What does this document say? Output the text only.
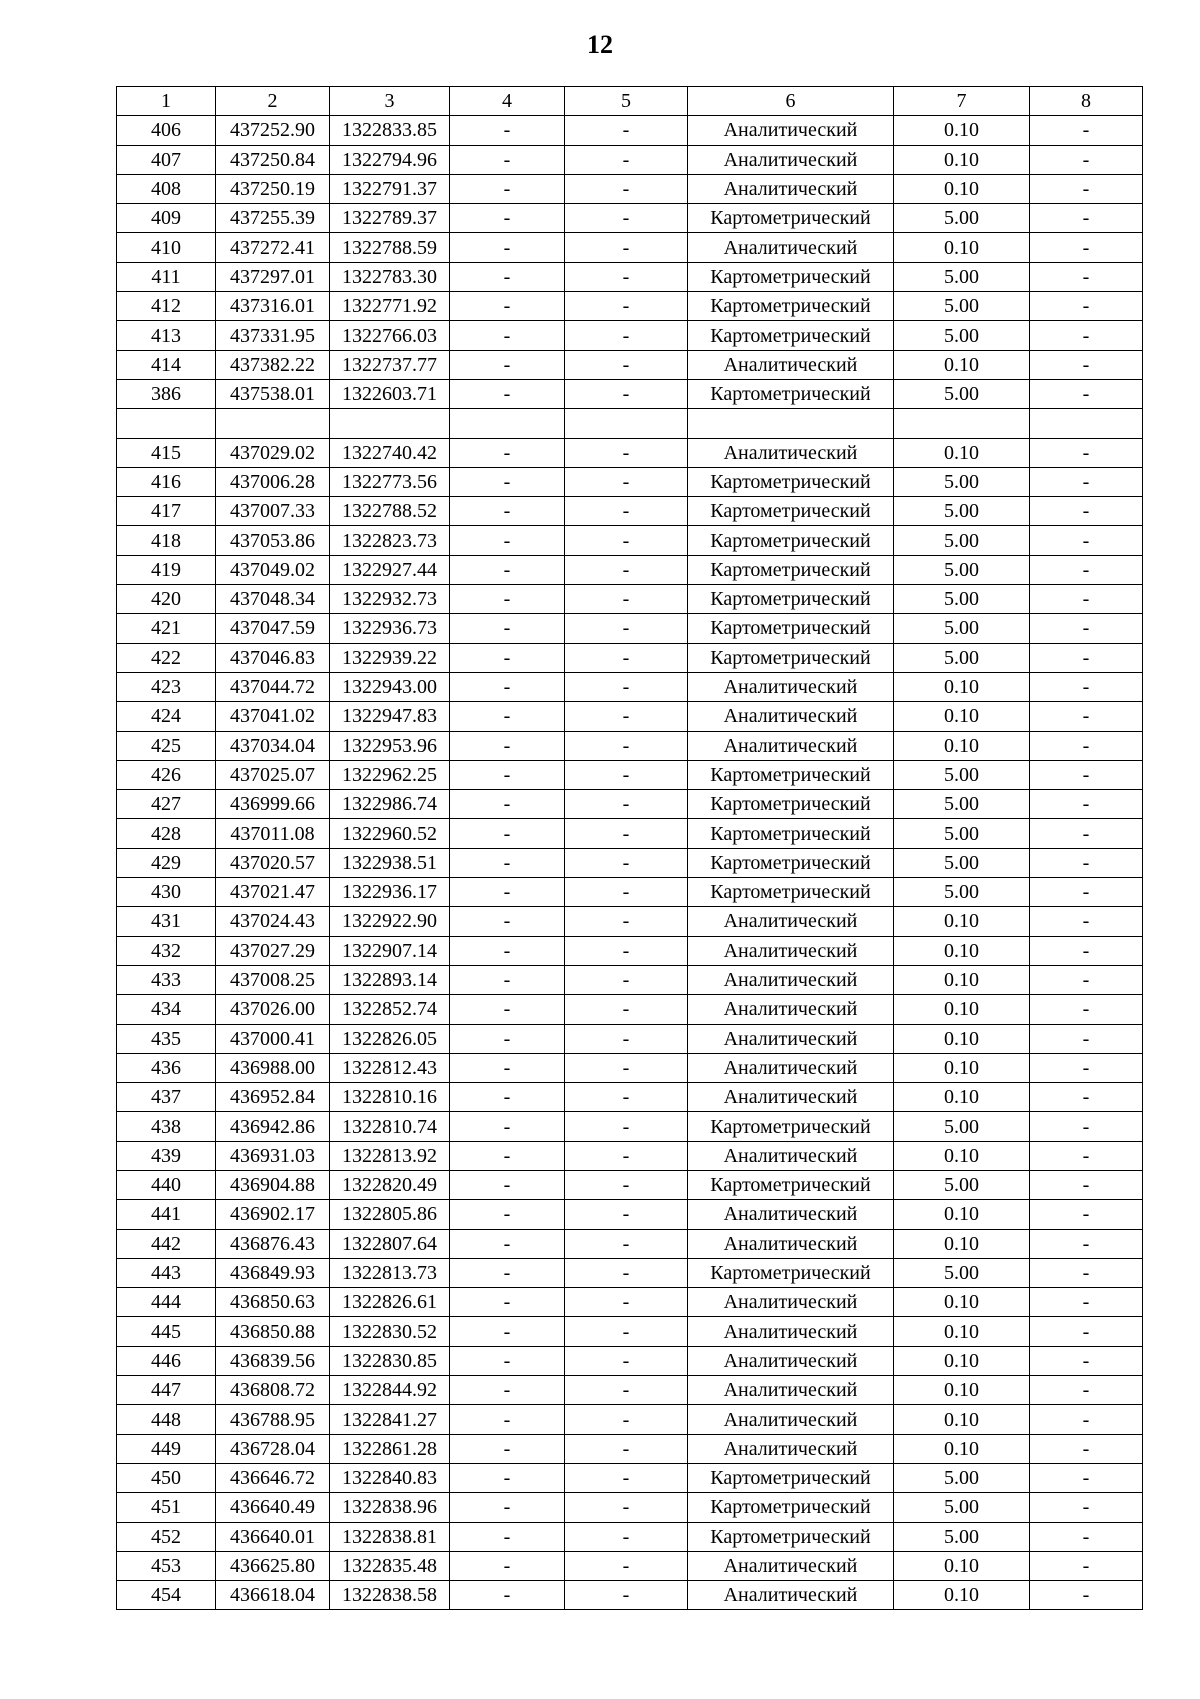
12
1	2	3	4	5	6	7	8
406	437252.90	1322833.85	-	-	Аналитический	0.10	-
407	437250.84	1322794.96	-	-	Аналитический	0.10	-
408	437250.19	1322791.37	-	-	Аналитический	0.10	-
409	437255.39	1322789.37	-	-	Картометрический	5.00	-
410	437272.41	1322788.59	-	-	Аналитический	0.10	-
411	437297.01	1322783.30	-	-	Картометрический	5.00	-
412	437316.01	1322771.92	-	-	Картометрический	5.00	-
413	437331.95	1322766.03	-	-	Картометрический	5.00	-
414	437382.22	1322737.77	-	-	Аналитический	0.10	-
386	437538.01	1322603.71	-	-	Картометрический	5.00	-

415	437029.02	1322740.42	-	-	Аналитический	0.10	-
416	437006.28	1322773.56	-	-	Картометрический	5.00	-
417	437007.33	1322788.52	-	-	Картометрический	5.00	-
418	437053.86	1322823.73	-	-	Картометрический	5.00	-
419	437049.02	1322927.44	-	-	Картометрический	5.00	-
420	437048.34	1322932.73	-	-	Картометрический	5.00	-
421	437047.59	1322936.73	-	-	Картометрический	5.00	-
422	437046.83	1322939.22	-	-	Картометрический	5.00	-
423	437044.72	1322943.00	-	-	Аналитический	0.10	-
424	437041.02	1322947.83	-	-	Аналитический	0.10	-
425	437034.04	1322953.96	-	-	Аналитический	0.10	-
426	437025.07	1322962.25	-	-	Картометрический	5.00	-
427	436999.66	1322986.74	-	-	Картометрический	5.00	-
428	437011.08	1322960.52	-	-	Картометрический	5.00	-
429	437020.57	1322938.51	-	-	Картометрический	5.00	-
430	437021.47	1322936.17	-	-	Картометрический	5.00	-
431	437024.43	1322922.90	-	-	Аналитический	0.10	-
432	437027.29	1322907.14	-	-	Аналитический	0.10	-
433	437008.25	1322893.14	-	-	Аналитический	0.10	-
434	437026.00	1322852.74	-	-	Аналитический	0.10	-
435	437000.41	1322826.05	-	-	Аналитический	0.10	-
436	436988.00	1322812.43	-	-	Аналитический	0.10	-
437	436952.84	1322810.16	-	-	Аналитический	0.10	-
438	436942.86	1322810.74	-	-	Картометрический	5.00	-
439	436931.03	1322813.92	-	-	Аналитический	0.10	-
440	436904.88	1322820.49	-	-	Картометрический	5.00	-
441	436902.17	1322805.86	-	-	Аналитический	0.10	-
442	436876.43	1322807.64	-	-	Аналитический	0.10	-
443	436849.93	1322813.73	-	-	Картометрический	5.00	-
444	436850.63	1322826.61	-	-	Аналитический	0.10	-
445	436850.88	1322830.52	-	-	Аналитический	0.10	-
446	436839.56	1322830.85	-	-	Аналитический	0.10	-
447	436808.72	1322844.92	-	-	Аналитический	0.10	-
448	436788.95	1322841.27	-	-	Аналитический	0.10	-
449	436728.04	1322861.28	-	-	Аналитический	0.10	-
450	436646.72	1322840.83	-	-	Картометрический	5.00	-
451	436640.49	1322838.96	-	-	Картометрический	5.00	-
452	436640.01	1322838.81	-	-	Картометрический	5.00	-
453	436625.80	1322835.48	-	-	Аналитический	0.10	-
454	436618.04	1322838.58	-	-	Аналитический	0.10	-
